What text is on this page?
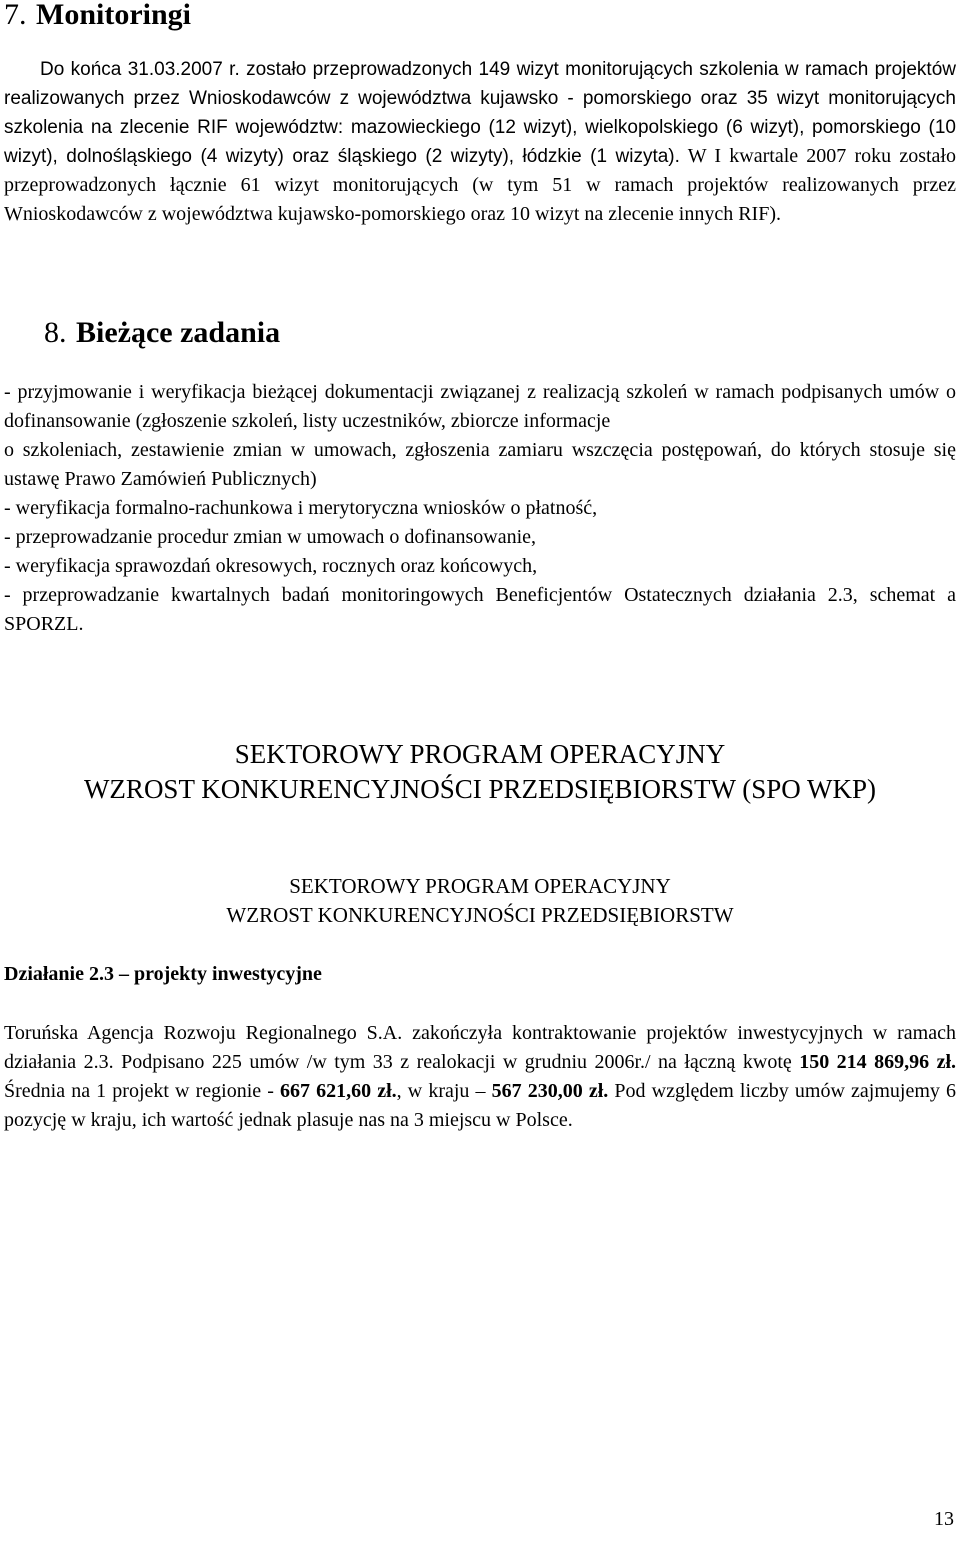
7. Monitoringi

Do końca 31.03.2007 r. zostało przeprowadzonych 149 wizyt monitorujących szkolenia w ramach projektów realizowanych przez Wnioskodawców z województwa kujawsko - pomorskiego oraz 35 wizyt monitorujących szkolenia na zlecenie RIF województw: mazowieckiego (12 wizyt), wielkopolskiego (6 wizyt), pomorskiego (10 wizyt), dolnośląskiego (4 wizyty) oraz śląskiego (2 wizyty), łódzkie (1 wizyta). W I kwartale 2007 roku zostało przeprowadzonych łącznie 61 wizyt monitorujących (w tym 51 w ramach projektów realizowanych przez Wnioskodawców z województwa kujawsko-pomorskiego oraz 10 wizyt na zlecenie innych RIF).

8. Bieżące zadania

- przyjmowanie i weryfikacja bieżącej dokumentacji związanej z realizacją szkoleń w ramach podpisanych umów o dofinansowanie (zgłoszenie szkoleń, listy uczestników, zbiorcze informacje

o szkoleniach, zestawienie zmian w umowach, zgłoszenia zamiaru wszczęcia postępowań, do których stosuje się ustawę Prawo Zamówień Publicznych)

- weryfikacja formalno-rachunkowa i merytoryczna wniosków o płatność,

- przeprowadzanie procedur zmian w umowach o dofinansowanie,

- weryfikacja sprawozdań okresowych, rocznych oraz końcowych,

- przeprowadzanie kwartalnych badań monitoringowych Beneficjentów Ostatecznych działania 2.3, schemat a SPORZL.

SEKTOROWY PROGRAM OPERACYJNY
WZROST KONKURENCYJNOŚCI PRZEDSIĘBIORSTW (SPO WKP)
SEKTOROWY PROGRAM OPERACYJNY
WZROST KONKURENCYJNOŚCI PRZEDSIĘBIORSTW
Działanie 2.3 – projekty inwestycyjne

Toruńska Agencja Rozwoju Regionalnego S.A. zakończyła kontraktowanie projektów inwestycyjnych w ramach działania 2.3. Podpisano 225 umów /w tym 33 z realokacji w grudniu 2006r./ na łączną kwotę 150 214 869,96 zł. Średnia na 1 projekt w regionie - 667 621,60 zł., w kraju – 567 230,00 zł. Pod względem liczby umów zajmujemy 6 pozycję w kraju, ich wartość jednak plasuje nas na 3 miejscu w Polsce.

13
